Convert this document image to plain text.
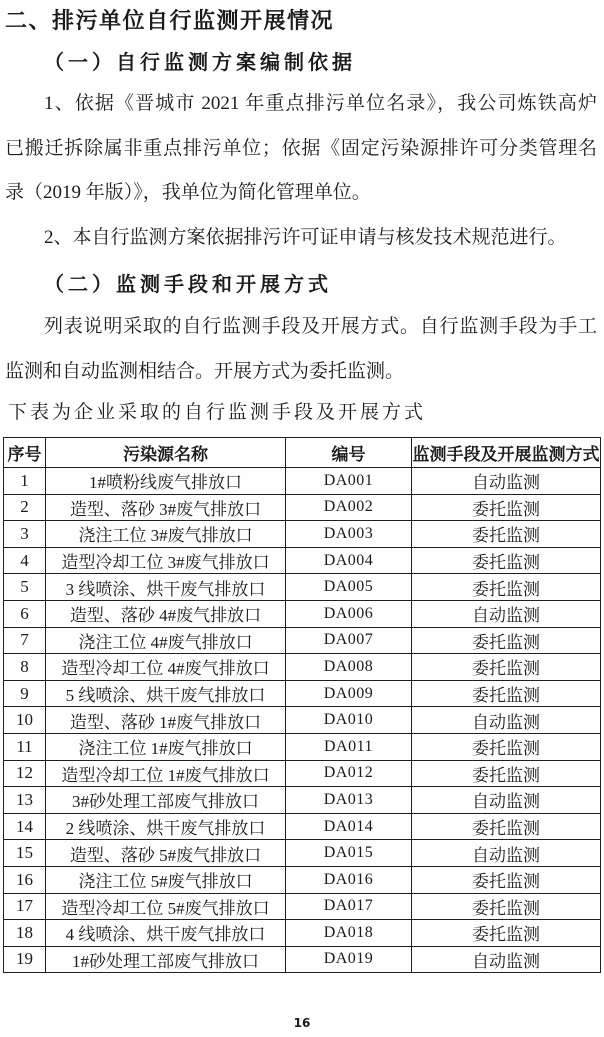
二、排污单位自行监测开展情况
（一）自行监测方案编制依据
1、依据《晋城市 2021 年重点排污单位名录》，我公司炼铁高炉
已搬迁拆除属非重点排污单位；依据《固定污染源排许可分类管理名
录（2019 年版）》，我单位为简化管理单位。
2、本自行监测方案依据排污许可证申请与核发技术规范进行。
（二）监测手段和开展方式
列表说明采取的自行监测手段及开展方式。自行监测手段为手工
监测和自动监测相结合。开展方式为委托监测。
下表为企业采取的自行监测手段及开展方式
序号	污染源名称	编号	监测手段及开展监测方式
1	1#喷粉线废气排放口	DA001	自动监测
2	造型、落砂 3#废气排放口	DA002	委托监测
3	浇注工位 3#废气排放口	DA003	委托监测
4	造型冷却工位 3#废气排放口	DA004	委托监测
5	3 线喷涂、烘干废气排放口	DA005	委托监测
6	造型、落砂 4#废气排放口	DA006	自动监测
7	浇注工位 4#废气排放口	DA007	委托监测
8	造型冷却工位 4#废气排放口	DA008	委托监测
9	5 线喷涂、烘干废气排放口	DA009	委托监测
10	造型、落砂 1#废气排放口	DA010	自动监测
11	浇注工位 1#废气排放口	DA011	委托监测
12	造型冷却工位 1#废气排放口	DA012	委托监测
13	3#砂处理工部废气排放口	DA013	自动监测
14	2 线喷涂、烘干废气排放口	DA014	委托监测
15	造型、落砂 5#废气排放口	DA015	自动监测
16	浇注工位 5#废气排放口	DA016	委托监测
17	造型冷却工位 5#废气排放口	DA017	委托监测
18	4 线喷涂、烘干废气排放口	DA018	委托监测
19	1#砂处理工部废气排放口	DA019	自动监测
16
